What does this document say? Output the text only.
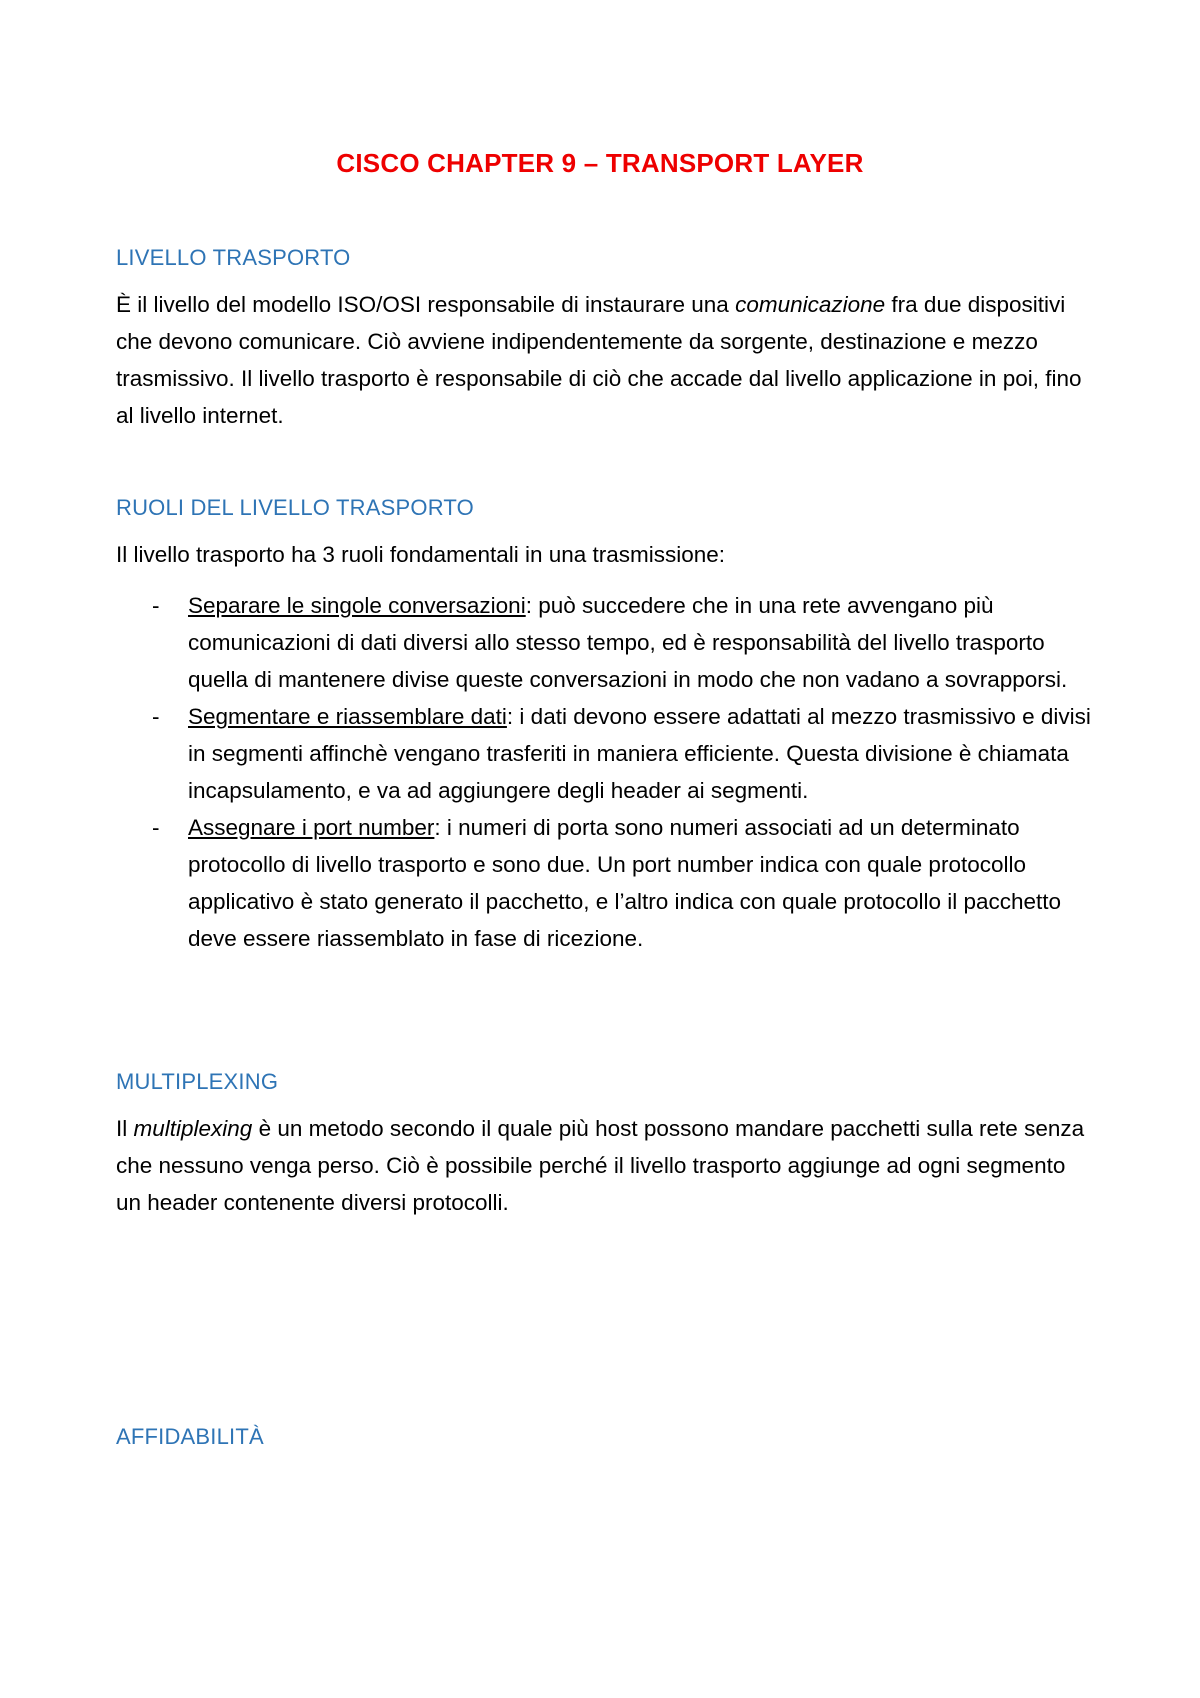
CISCO CHAPTER 9 – TRANSPORT LAYER
LIVELLO TRASPORTO
È il livello del modello ISO/OSI responsabile di instaurare una comunicazione fra due dispositivi che devono comunicare. Ciò avviene indipendentemente da sorgente, destinazione e mezzo trasmissivo. Il livello trasporto è responsabile di ciò che accade dal livello applicazione in poi, fino al livello internet.
RUOLI DEL LIVELLO TRASPORTO
Il livello trasporto ha 3 ruoli fondamentali in una trasmissione:
- Separare le singole conversazioni: può succedere che in una rete avvengano più comunicazioni di dati diversi allo stesso tempo, ed è responsabilità del livello trasporto quella di mantenere divise queste conversazioni in modo che non vadano a sovrapporsi.
- Segmentare e riassemblare dati: i dati devono essere adattati al mezzo trasmissivo e divisi in segmenti affinchè vengano trasferiti in maniera efficiente. Questa divisione è chiamata incapsulamento, e va ad aggiungere degli header ai segmenti.
- Assegnare i port number: i numeri di porta sono numeri associati ad un determinato protocollo di livello trasporto e sono due. Un port number indica con quale protocollo applicativo è stato generato il pacchetto, e l’altro indica con quale protocollo il pacchetto deve essere riassemblato in fase di ricezione.
MULTIPLEXING
Il multiplexing è un metodo secondo il quale più host possono mandare pacchetti sulla rete senza che nessuno venga perso. Ciò è possibile perché il livello trasporto aggiunge ad ogni segmento un header contenente diversi protocolli.
AFFIDABILITÀ
